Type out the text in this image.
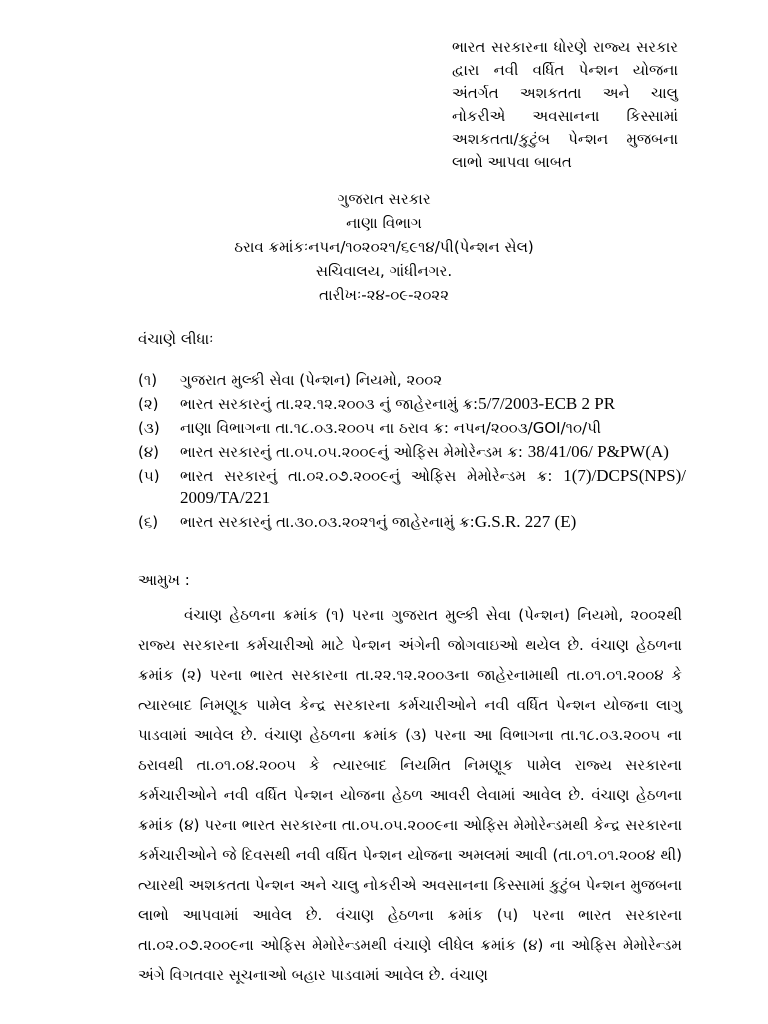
ભારત સરકારના ધોરણે રાજ્ય સરકાર
દ્વારા નવી વર્ધિત પેન્શન યોજના
અંતર્ગત અશકતતા અને ચાલુ
નોકરીએ અવસાનના કિસ્સામાં
અશકતતા/કુટુંબ પેન્શન મુજબના
લાભો આપવા બાબત
ગુજરાત સરકાર
નાણા વિભાગ
ઠરાવ ક્રમાંકઃનપન/૧૦૨૦૨૧/૬૯૧૪/પી(પેન્શન સેલ)
સચિવાલય, ગાંધીનગર.
તારીખઃ-૨૪-૦૯-૨૦૨૨
વંચાણે લીધાઃ
(૧) ગુજરાત મુલ્કી સેવા (પેન્શન) નિયમો, ૨૦૦૨
(૨) ભારત સરકારનું તા.૨૨.૧૨.૨૦૦૩ નું જાહેરનામું ક્ર:5/7/2003-ECB 2 PR
(૩) નાણા વિભાગના તા.૧૮.૦૩.૨૦૦૫ ના ઠરાવ ક્ર: નપન/૨૦૦૩/GOI/૧૦/પી
(૪) ભારત સરકારનું તા.૦૫.૦૫.૨૦૦૯નું ઓફિસ મેમોરેન્ડમ ક્ર: 38/41/06/ P&PW(A)
(૫) ભારત સરકારનું તા.૦૨.૦૭.૨૦૦૯નું ઓફિસ મેમોરેન્ડમ ક્ર: 1(7)/DCPS(NPS)/ 2009/TA/221
(૬) ભારત સરકારનું તા.૩૦.૦૩.૨૦૨૧નું જાહેરનામું ક્ર:G.S.R. 227 (E)
આમુખ :
વંચાણ હેઠળના ક્રમાંક (૧) પરના ગુજરાત મુલ્કી સેવા (પેન્શન) નિયમો, ૨૦૦૨થી રાજ્ય સરકારના કર્મચારીઓ માટે પેન્શન અંગેની જોગવાઇઓ થયેલ છે. વંચાણ હેઠળના ક્રમાંક (૨) પરના ભારત સરકારના તા.૨૨.૧૨.૨૦૦૩ના જાહેરનામાથી તા.૦૧.૦૧.૨૦૦૪ કે ત્યારબાદ નિમણૂક પામેલ કેન્દ્ર સરકારના કર્મચારીઓને નવી વર્ધિત પેન્શન યોજના લાગુ પાડવામાં આવેલ છે. વંચાણ હેઠળના ક્રમાંક (૩) પરના આ વિભાગના તા.૧૮.૦૩.૨૦૦૫ ના ઠરાવથી તા.૦૧.૦૪.૨૦૦૫ કે ત્યારબાદ નિયમિત નિમણૂક પામેલ રાજ્ય સરકારના કર્મચારીઓને નવી વર્ધિત પેન્શન યોજના હેઠળ આવરી લેવામાં આવેલ છે. વંચાણ હેઠળના ક્રમાંક (૪) પરના ભારત સરકારના તા.૦૫.૦૫.૨૦૦૯ના ઓફિસ મેમોરેન્ડમથી કેન્દ્ર સરકારના કર્મચારીઓને જે દિવસથી નવી વર્ધિત પેન્શન યોજના અમલમાં આવી (તા.૦૧.૦૧.૨૦૦૪ થી) ત્યારથી અશકતતા પેન્શન અને ચાલુ નોકરીએ અવસાનના કિસ્સામાં કુટુંબ પેન્શન મુજબના લાભો આપવામાં આવેલ છે. વંચાણ હેઠળના ક્રમાંક (૫) પરના ભારત સરકારના તા.૦૨.૦૭.૨૦૦૯ના ઓફિસ મેમોરેન્ડમથી વંચાણે લીધેલ ક્રમાંક (૪) ના ઓફિસ મેમોરેન્ડમ અંગે વિગતવાર સૂચનાઓ બહાર પાડવામાં આવેલ છે. વંચાણ
